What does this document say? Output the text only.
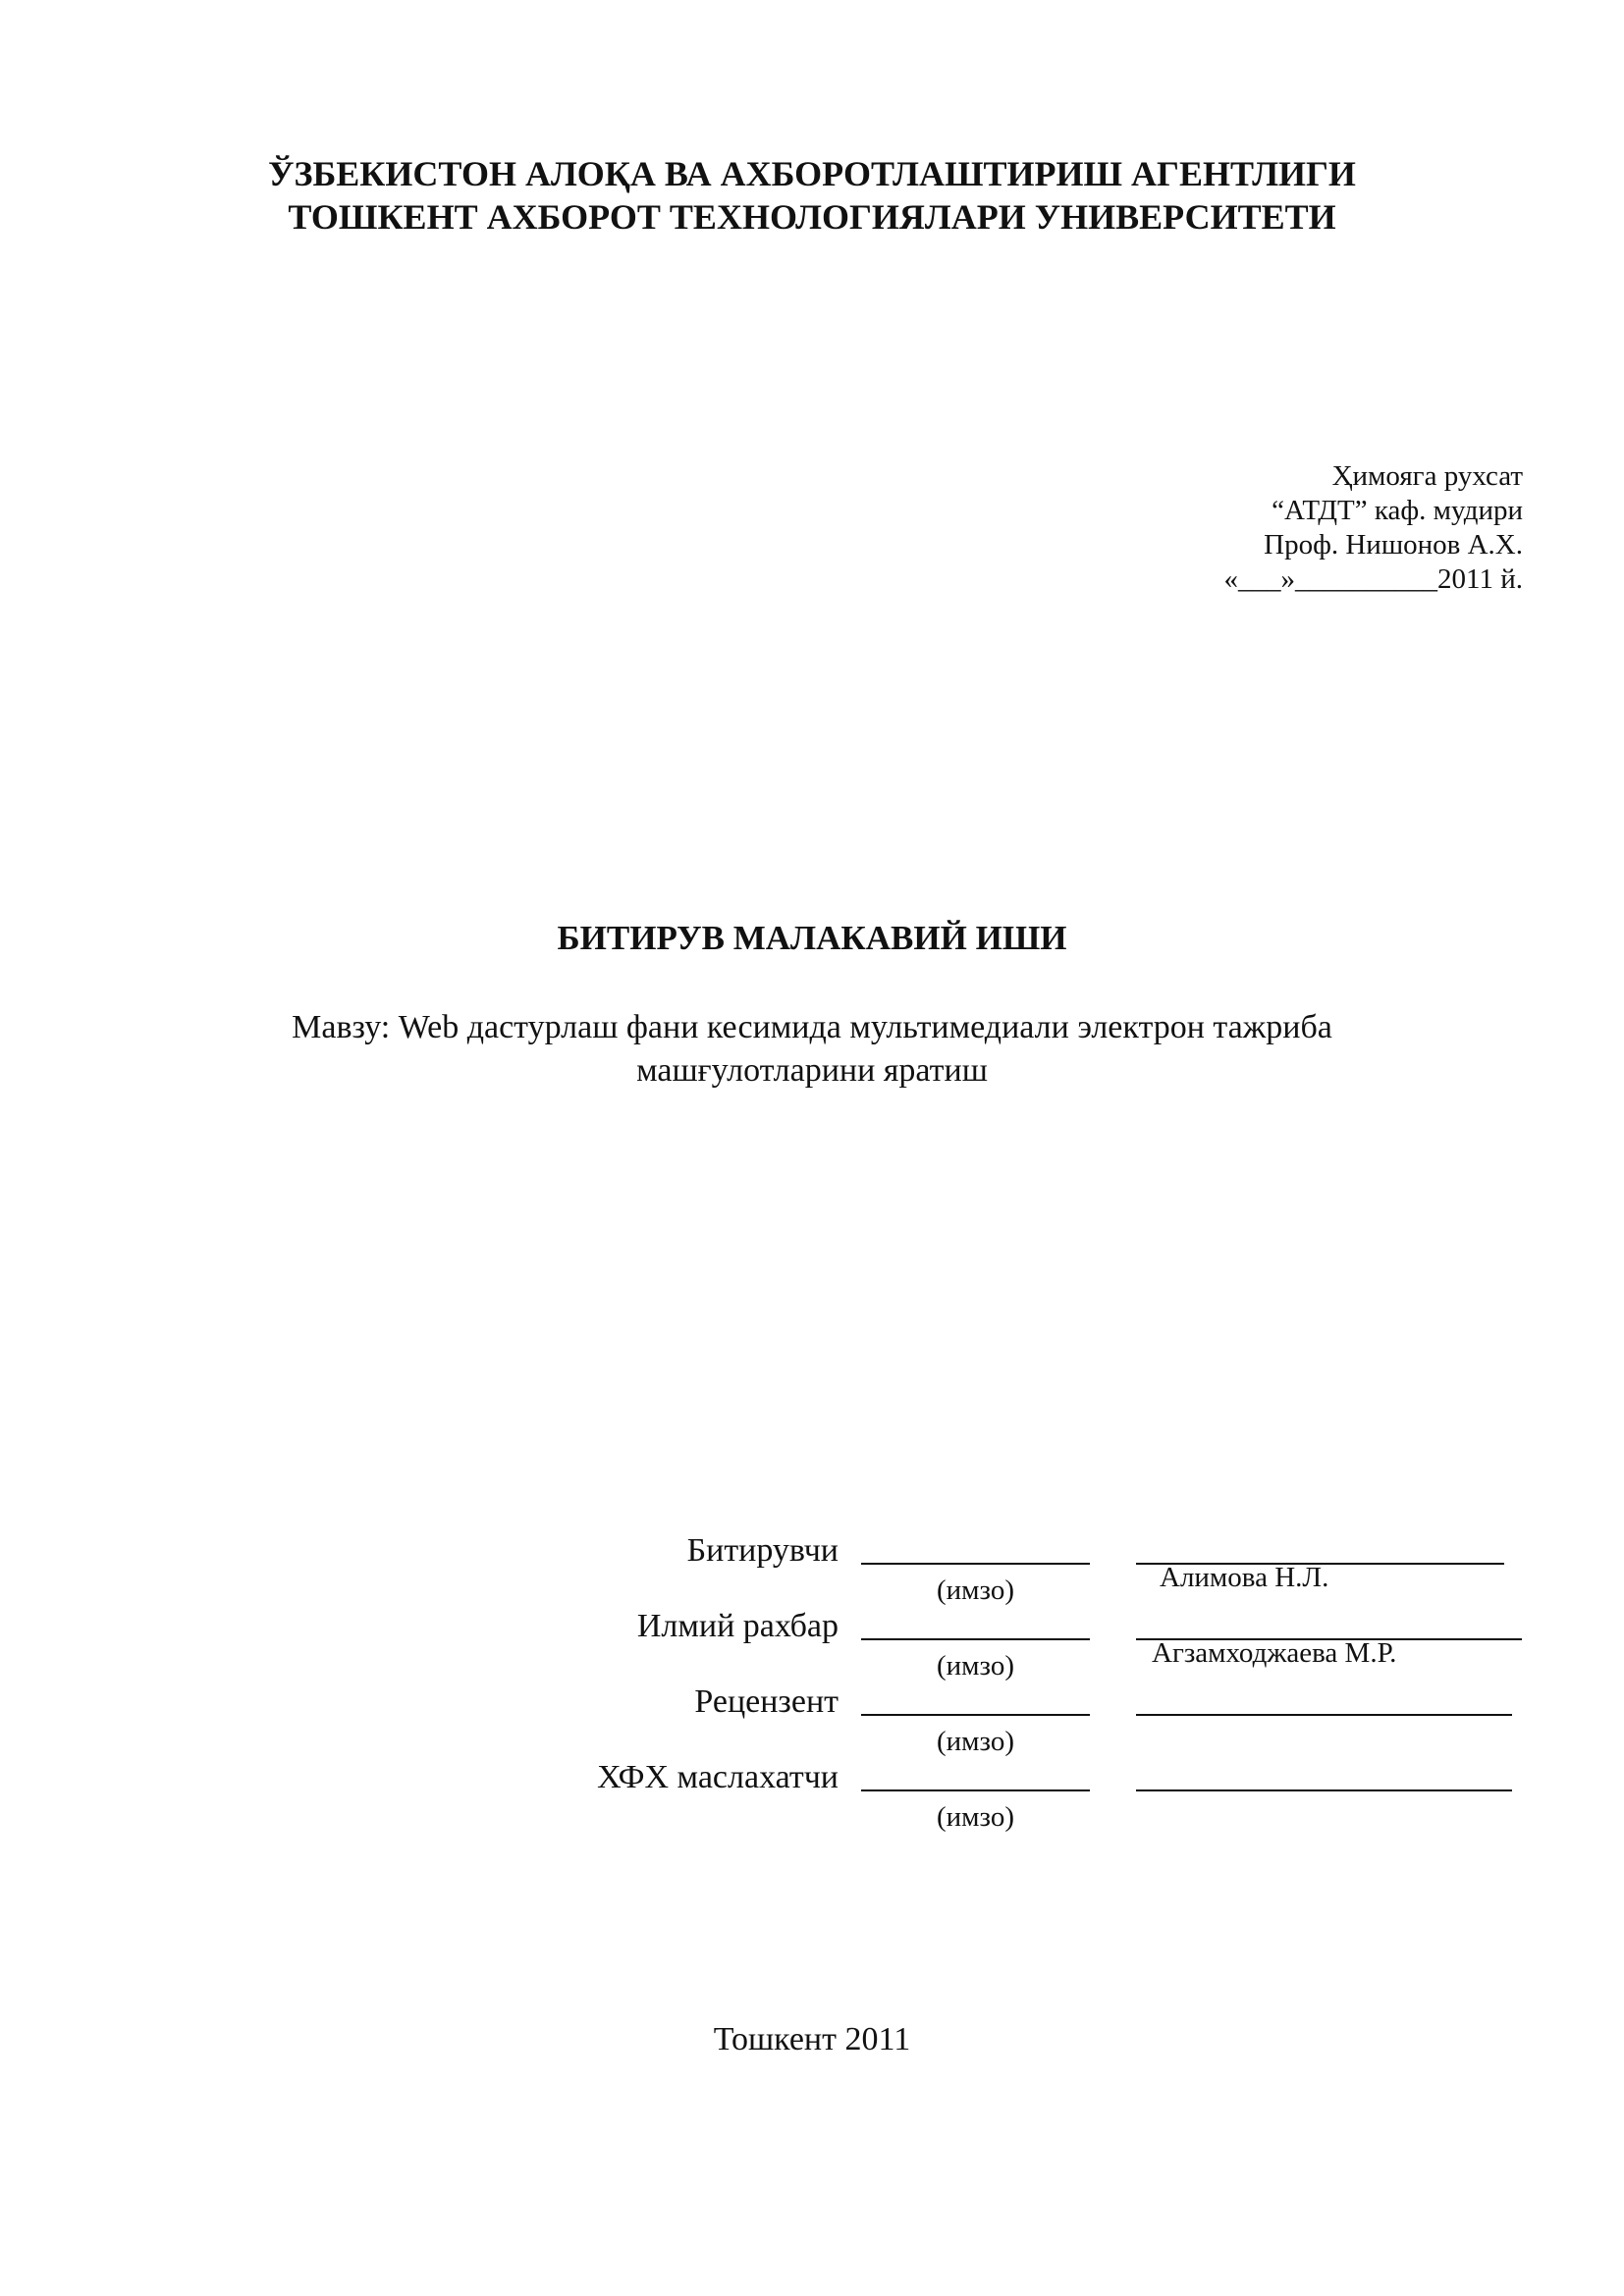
ЎЗБЕКИСТОН АЛОҚА ВА АХБОРОТЛАШТИРИШ АГЕНТЛИГИ
ТОШКЕНТ АХБОРОТ ТЕХНОЛОГИЯЛАРИ УНИВЕРСИТЕТИ
Ҳимояга рухсат
“АТДТ” каф. мудири
Проф. Нишонов А.Х.
«___»__________2011 й.
БИТИРУВ МАЛАКАВИЙ ИШИ
Мавзу: Web дастурлаш фани кесимида мультимедиали электрон тажриба
машғулотларини яратиш
Битирувчи
(имзо)	Алимова Н.Л.
Илмий рахбар
(имзо)	Агзамходжаева М.Р.
Рецензент
(имзо)
ХФХ маслахатчи
(имзо)
Тошкент 2011
